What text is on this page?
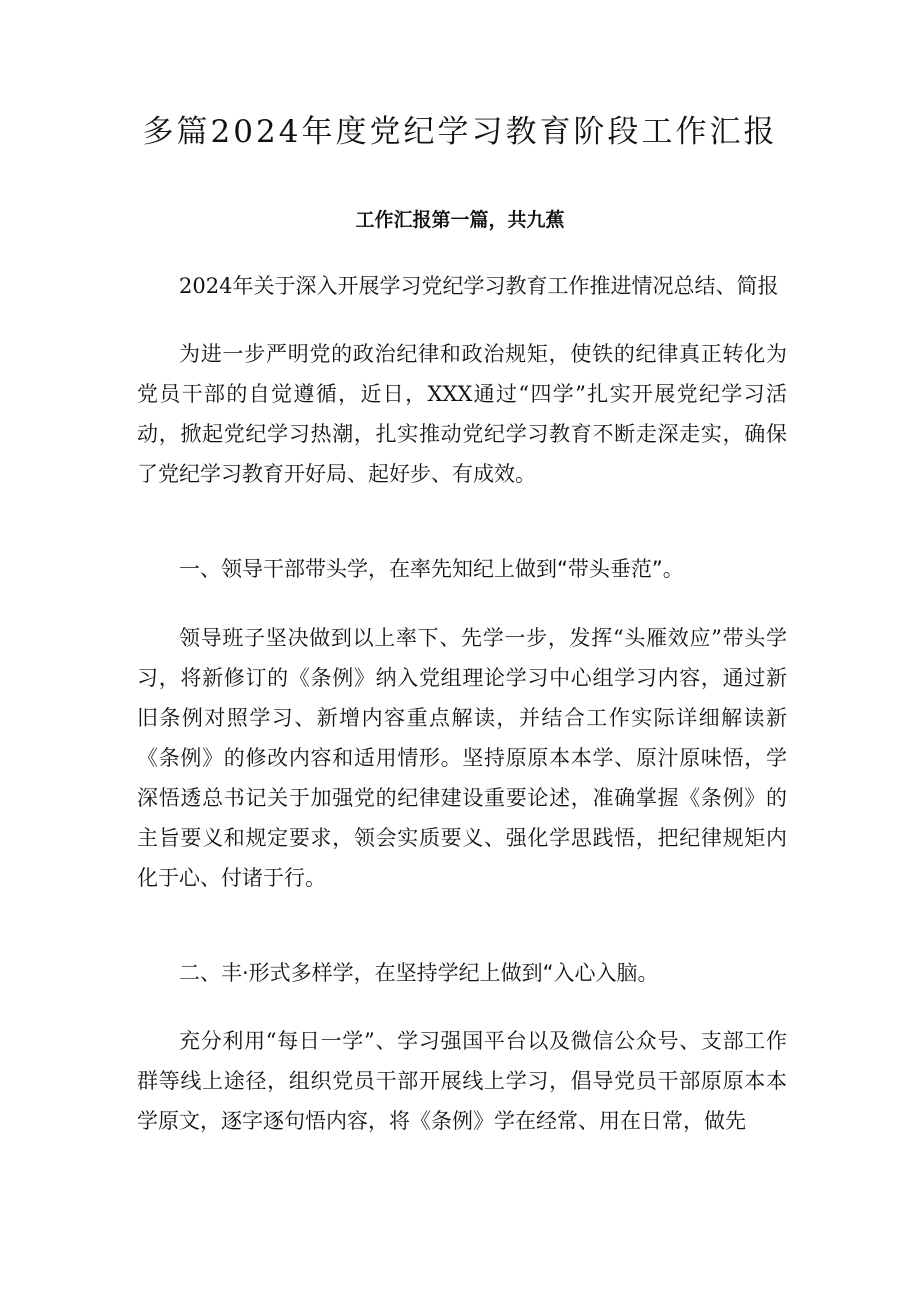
多篇2024年度党纪学习教育阶段工作汇报
工作汇报第一篇，共九蕉

2024年关于深入开展学习党纪学习教育工作推进情况总结、简报

为进一步严明党的政治纪律和政治规矩，使铁的纪律真正转化为党员干部的自觉遵循，近日，XXX通过“四学”扎实开展党纪学习活动，掀起党纪学习热潮，扎实推动党纪学习教育不断走深走实，确保了党纪学习教育开好局、起好步、有成效。

一、领导干部带头学，在率先知纪上做到“带头垂范”。

领导班子坚决做到以上率下、先学一步，发挥“头雁效应”带头学习，将新修订的《条例》纳入党组理论学习中心组学习内容，通过新旧条例对照学习、新增内容重点解读，并结合工作实际详细解读新《条例》的修改内容和适用情形。坚持原原本本学、原汁原味悟，学深悟透总书记关于加强党的纪律建设重要论述，准确掌握《条例》的主旨要义和规定要求，领会实质要义、强化学思践悟，把纪律规矩内化于心、付诸于行。

二、丰·形式多样学，在坚持学纪上做到“入心入脑。

充分利用“每日一学”、学习强国平台以及微信公众号、支部工作群等线上途径，组织党员干部开展线上学习，倡导党员干部原原本本学原文，逐字逐句悟内容，将《条例》学在经常、用在日常，做先
